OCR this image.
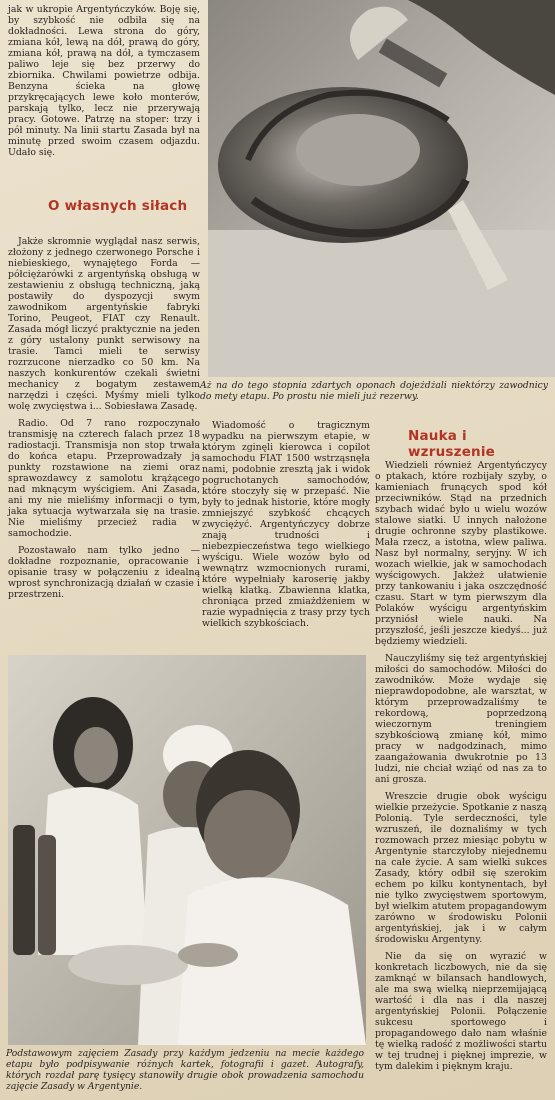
jak w ukropie Argentyńczyków. Boję się, by szybkość nie odbiła się na dokładności. Lewa strona do góry, zmiana kół, lewą na dół, prawą do góry, zmiana kół, prawą na dół, a tymczasem paliwo leje się bez przerwy do zbiornika. Chwilami powietrze odbija. Benzyna ścieka na głowę przykręcających lewe koło monterów, parskają tylko, lecz nie przerywają pracy. Gotowe. Patrzę na stoper: trzy i pół minuty. Na linii startu Zasada był na minutę przed swoim czasem odjazdu. Udało się.

O własnych siłach

Jakże skromnie wyglądał nasz serwis, złożony z jednego czerwonego Porsche i niebieskiego, wynajętego Forda — półciężarówki z argentyńską obsługą w zestawieniu z obsługą techniczną, jaką postawiły do dyspozycji swym zawodnikom argentyńskie fabryki Torino, Peugeot, FIAT czy Renault. Zasada mógł liczyć praktycznie na jeden z góry ustalony punkt serwisowy na trasie. Tamci mieli te serwisy rozrzucone nierzadko co 50 km. Na naszych konkurentów czekali świetni mechanicy z bogatym zestawem narzędzi i części. Myśmy mieli tylko wolę zwycięstwa i... Sobiesława Zasadę.

Radio. Od 7 rano rozpoczynało transmisję na czterech falach przez 18 radiostacji. Transmisja non stop trwała do końca etapu. Przeprowadzały ją punkty rozstawione na ziemi oraz sprawozdawcy z samolotu krążącego nad mknącym wyścigiem. Ani Zasada, ani my nie mieliśmy informacji o tym, jaka sytuacja wytwarzała się na trasie. Nie mieliśmy przecież radia w samochodzie.

Pozostawało nam tylko jedno — dokładne rozpoznanie, opracowanie i opisanie trasy w połączeniu z idealną wprost synchronizacją działań w czasie i przestrzeni.

Aż na do tego stopnia zdartych oponach dojeżdżali niektórzy zawodnicy do mety etapu. Po prostu nie mieli już rezerwy.

Wiadomość o tragicznym wypadku na pierwszym etapie, w którym zginęli kierowca i copilot samochodu FIAT 1500 wstrząsnęła nami, podobnie zresztą jak i widok pogruchotanych samochodów, które stoczyły się w przepaść. Nie były to jednak historie, które mogły zmniejszyć szybkość chcących zwyciężyć. Argentyńczycy dobrze znają trudności i niebezpieczeństwa tego wielkiego wyścigu. Wiele wozów było od wewnątrz wzmocnionych rurami, które wypełniały karoserię jakby wielką klatką. Zbawienna klatka, chroniąca przed zmiażdżeniem w razie wypadnięcia z trasy przy tych wielkich szybkościach.

Nauka i wzruszenie

Wiedzieli również Argentyńczycy o ptakach, które rozbijały szyby, o kamieniach frunących spod kół przeciwników. Stąd na przednich szybach widać było u wielu wozów stalowe siatki. U innych nałożone drugie ochronne szyby plastikowe. Mała rzecz, a istotna, wlew paliwa. Nasz był normalny, seryjny. W ich wozach wielkie, jak w samochodach wyścigowych. Jakżeż ułatwienie przy tankowaniu i jaka oszczędność czasu. Start w tym pierwszym dla Polaków wyścigu argentyńskim przyniósł wiele nauki. Na przyszłość, jeśli jeszcze kiedyś... już będziemy wiedzieli.

Nauczyliśmy się też argentyńskiej miłości do samochodów. Miłości do zawodników. Może wydaje się nieprawdopodobne, ale warsztat, w którym przeprowadzaliśmy te rekordową, poprzedzoną wieczornym treningiem szybkościową zmianę kół, mimo pracy w nadgodzinach, mimo zaangażowania dwukrotnie po 13 ludzi, nie chciał wziąć od nas za to ani grosza.

Wreszcie drugie obok wyścigu wielkie przeżycie. Spotkanie z naszą Polonią. Tyle serdeczności, tyle wzruszeń, ile doznaliśmy w tych rozmowach przez miesiąc pobytu w Argentynie starczyłoby niejednemu na całe życie. A sam wielki sukces Zasady, który odbił się szerokim echem po kilku kontynentach, był nie tylko zwycięstwem sportowym, był wielkim atutem propagandowym zarówno w środowisku Polonii argentyńskiej, jak i w całym środowisku Argentyny.

Nie da się on wyrazić w konkretach liczbowych, nie da się zamknąć w bilansach handlowych, ale ma swą wielką nieprzemijającą wartość i dla nas i dla naszej argentyńskiej Polonii. Połączenie sukcesu sportowego i propagandowego dało nam właśnie tę wielką radość z możliwości startu w tej trudnej i pięknej imprezie, w tym dalekim i pięknym kraju.

Podstawowym zajęciem Zasady przy każdym jedzeniu na mecie każdego etapu było podpisywanie różnych kartek, fotografii i gazet. Autografy, których rozdał parę tysięcy stanowiły drugie obok prowadzenia samochodu zajęcie Zasady w Argentynie.
